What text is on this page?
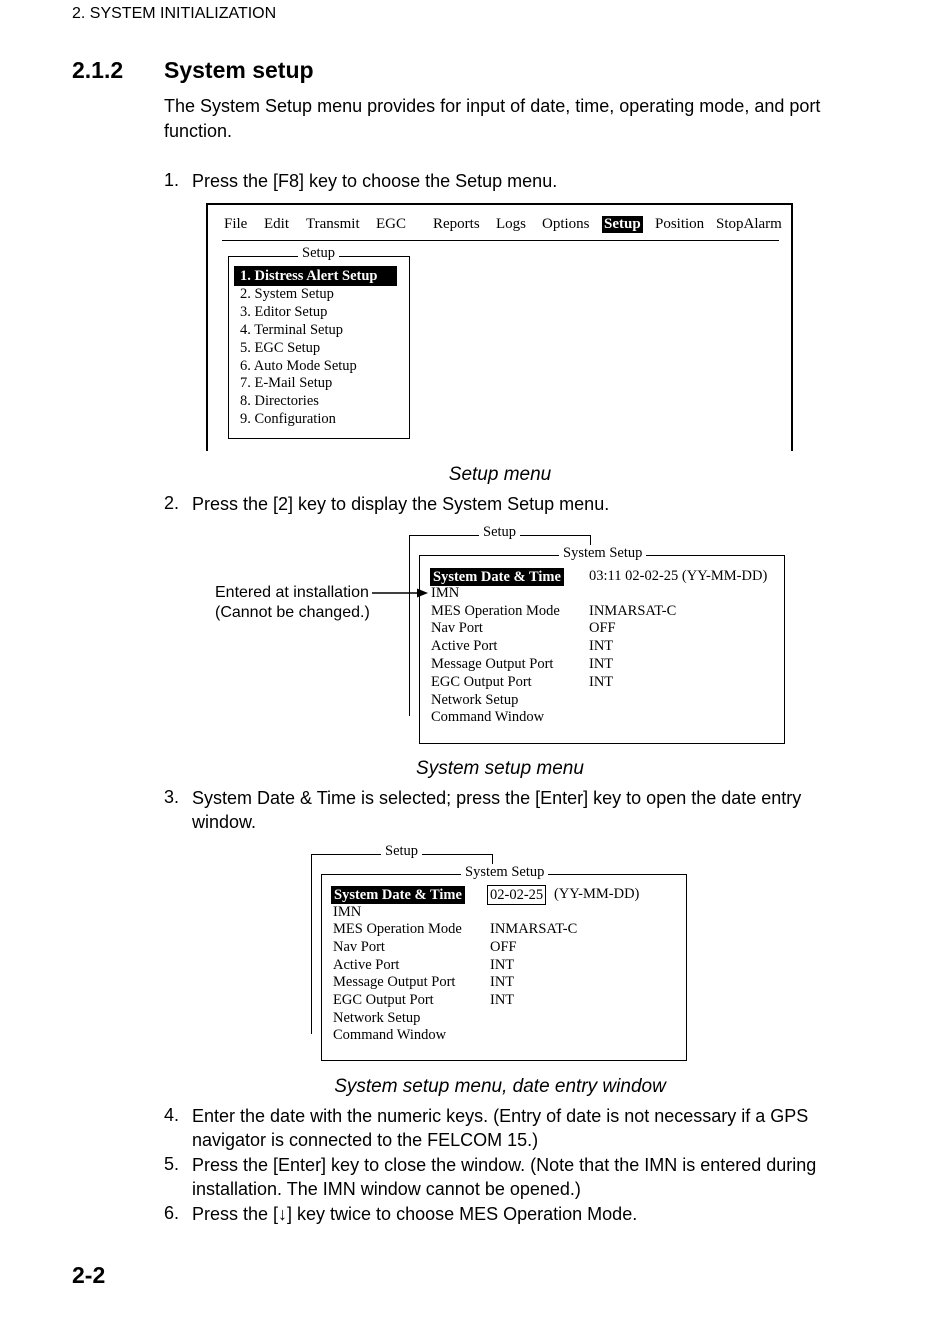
2. SYSTEM INITIALIZATION
2.1.2 System setup
The System Setup menu provides for input of date, time, operating mode, and port function.
1. Press the [F8] key to choose the Setup menu.
File Edit Transmit EGC Reports Logs Options Setup Position StopAlarm
Setup
1. Distress Alert Setup
2. System Setup
3. Editor Setup
4. Terminal Setup
5. EGC Setup
6. Auto Mode Setup
7. E-Mail Setup
8. Directories
9. Configuration
Setup menu
2. Press the [2] key to display the System Setup menu.
Setup
System Setup
System Date & Time 03:11 02-02-25 (YY-MM-DD)
IMN
MES Operation Mode INMARSAT-C
Nav Port	OFF
Active Port	INT
Message Output Port INT
EGC Output Port	INT
Network Setup
Command Window
Entered at installation
(Cannot be changed.)
System setup menu
3. System Date & Time is selected; press the [Enter] key to open the date entry window.
Setup
System Setup
System Date & Time 02-02-25 (YY-MM-DD)
IMN
MES Operation Mode INMARSAT-C
Nav Port	OFF
Active Port	INT
Message Output Port INT
EGC Output Port	INT
Network Setup
Command Window
System setup menu, date entry window
4. Enter the date with the numeric keys. (Entry of date is not necessary if a GPS navigator is connected to the FELCOM 15.)
5. Press the [Enter] key to close the window. (Note that the IMN is entered during installation. The IMN window cannot be opened.)
6. Press the [↓] key twice to choose MES Operation Mode.
2-2
